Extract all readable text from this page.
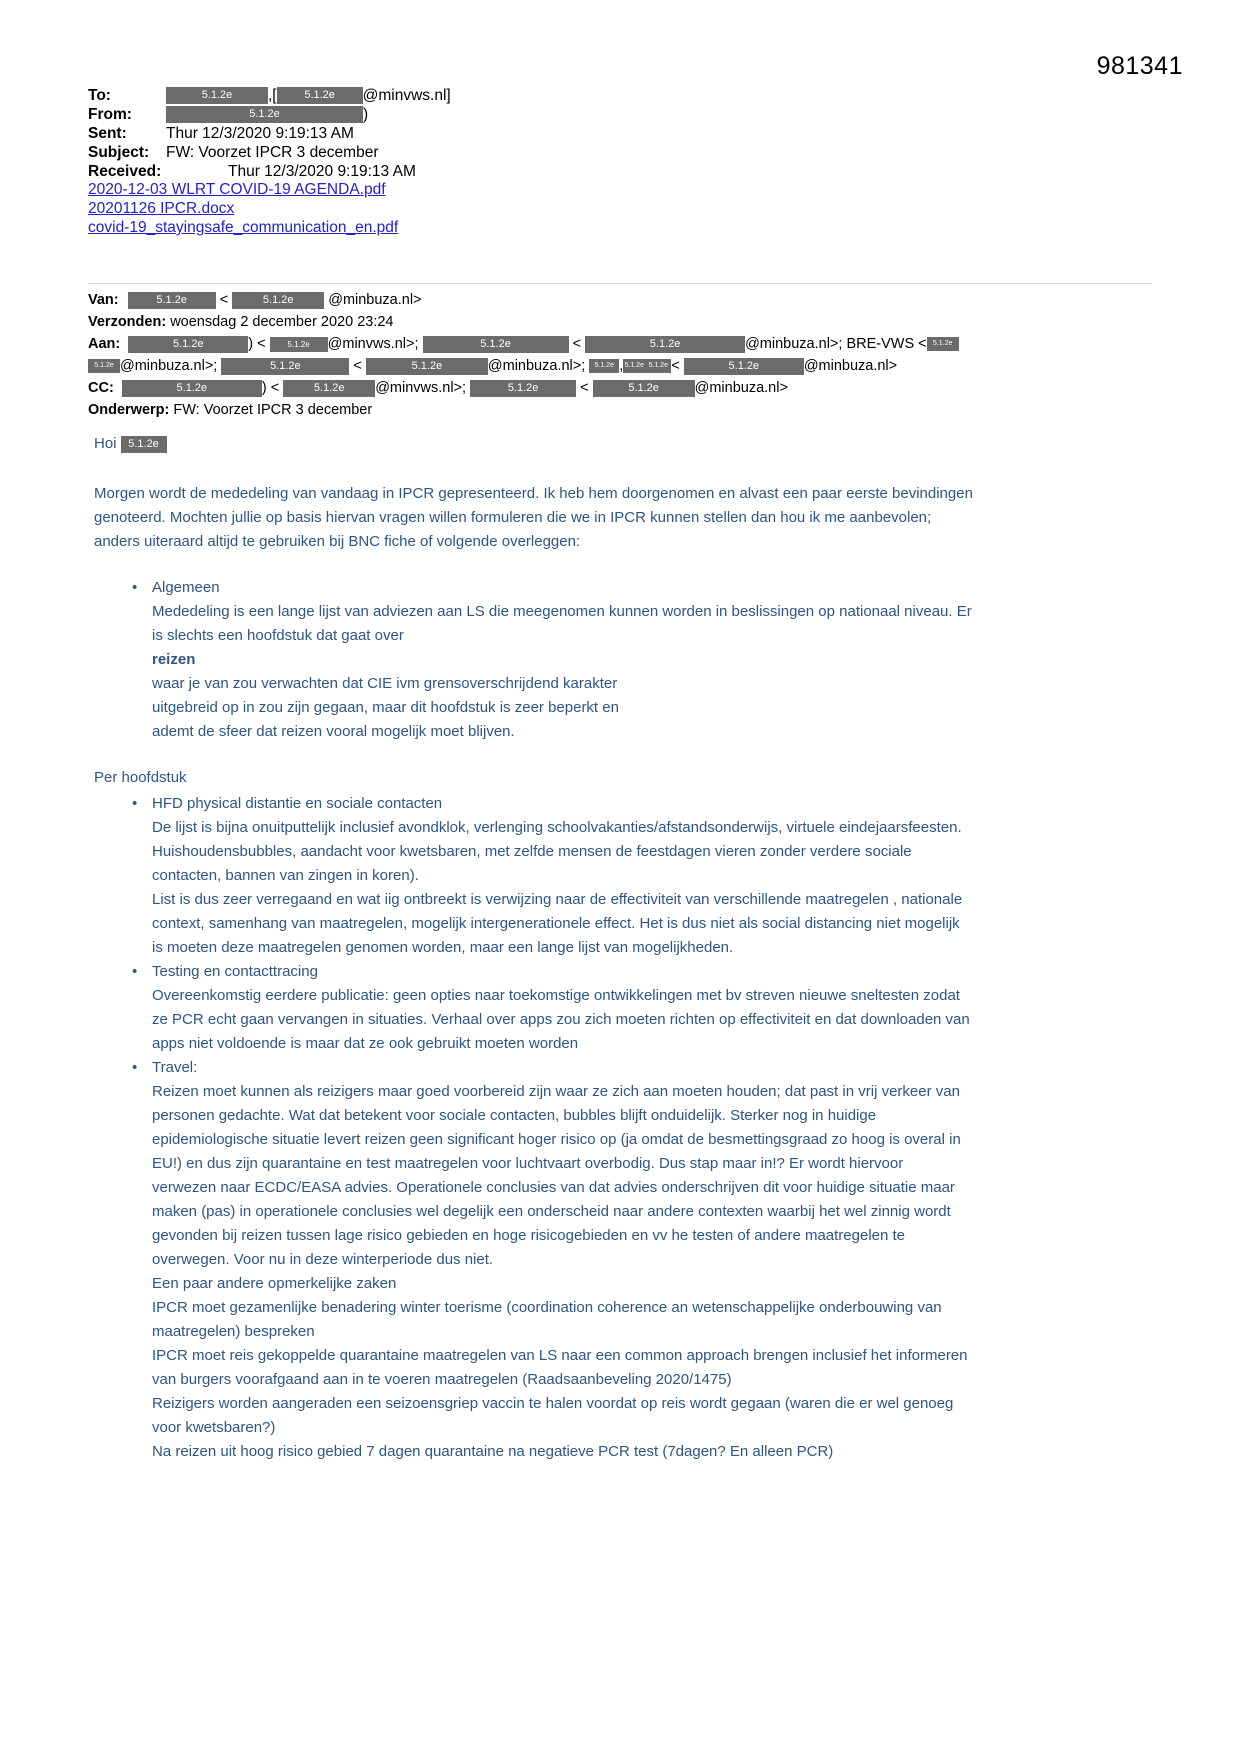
981341
To:	5.1.2e ,[	5.1.2e @minvws.nl]
From:	5.1.2e	)
Sent:	Thur 12/3/2020 9:19:13 AM
Subject:	FW: Voorzet IPCR 3 december
Received:	Thur 12/3/2020 9:19:13 AM
2020-12-03 WLRT COVID-19 AGENDA.pdf
20201126 IPCR.docx
covid-19_stayingsafe_communication_en.pdf

Van:	5.1.2e <	5.1.2e @minbuza.nl>

Verzonden: woensdag 2 december 2020 23:24

Aan:	5.1.2e	) <	5.1.2e @minvws.nl>;	5.1.2e	<	5.1.2e	@minbuza.nl>; BRE-VWS < 5.1.2e

5.1.2e @minbuza.nl>;	5.1.2e	<	5.1.2e	@minbuza.nl>; 5.1.2e ,5.1.2e 5.1.2e <	5.1.2e	@minbuza.nl>

CC:	5.1.2e	) <	5.1.2e @minvws.nl>;	5.1.2e	<	5.1.2e @minbuza.nl>

Onderwerp: FW: Voorzet IPCR 3 december

Hoi 5.1.2e

Morgen wordt de mededeling van vandaag in IPCR gepresenteerd. Ik heb hem doorgenomen en alvast een paar eerste bevindingen
genoteerd. Mochten jullie op basis hiervan vragen willen formuleren die we in IPCR kunnen stellen dan hou ik me aanbevolen;
anders uiteraard altijd te gebruiken bij BNC fiche of volgende overleggen:

• Algemeen
Mededeling is een lange lijst van adviezen aan LS die meegenomen kunnen worden in beslissingen op nationaal niveau. Er
is slechts een hoofdstuk dat gaat over
reizen
waar je van zou verwachten dat CIE ivm grensoverschrijdend karakter
uitgebreid op in zou zijn gegaan, maar dit hoofdstuk is zeer beperkt en
ademt de sfeer dat reizen vooral mogelijk moet blijven.

Per hoofdstuk

• HFD physical distantie en sociale contacten
De lijst is bijna onuitputtelijk inclusief avondklok, verlenging schoolvakanties/afstandsonderwijs, virtuele eindejaarsfeesten.
Huishoudensbubbles, aandacht voor kwetsbaren, met zelfde mensen de feestdagen vieren zonder verdere sociale
contacten, bannen van zingen in koren).
List is dus zeer verregaand en wat iig ontbreekt is verwijzing naar de effectiviteit van verschillende maatregelen , nationale
context, samenhang van maatregelen, mogelijk intergenerationele effect. Het is dus niet als social distancing niet mogelijk
is moeten deze maatregelen genomen worden, maar een lange lijst van mogelijkheden.
• Testing en contacttracing
Overeenkomstig eerdere publicatie: geen opties naar toekomstige ontwikkelingen met bv streven nieuwe sneltesten zodat
ze PCR echt gaan vervangen in situaties. Verhaal over apps zou zich moeten richten op effectiviteit en dat downloaden van
apps niet voldoende is maar dat ze ook gebruikt moeten worden
• Travel:
Reizen moet kunnen als reizigers maar goed voorbereid zijn waar ze zich aan moeten houden; dat past in vrij verkeer van
personen gedachte. Wat dat betekent voor sociale contacten, bubbles blijft onduidelijk. Sterker nog in huidige
epidemiologische situatie levert reizen geen significant hoger risico op (ja omdat de besmettingsgraad zo hoog is overal in
EU!) en dus zijn quarantaine en test maatregelen voor luchtvaart overbodig. Dus stap maar in!? Er wordt hiervoor
verwezen naar ECDC/EASA advies. Operationele conclusies van dat advies onderschrijven dit voor huidige situatie maar
maken (pas) in operationele conclusies wel degelijk een onderscheid naar andere contexten waarbij het wel zinnig wordt
gevonden bij reizen tussen lage risico gebieden en hoge risicogebieden en vv he testen of andere maatregelen te
overwegen. Voor nu in deze winterperiode dus niet.
Een paar andere opmerkelijke zaken
IPCR moet gezamenlijke benadering winter toerisme (coordination coherence an wetenschappelijke onderbouwing van
maatregelen) bespreken
IPCR moet reis gekoppelde quarantaine maatregelen van LS naar een common approach brengen inclusief het informeren
van burgers voorafgaand aan in te voeren maatregelen (Raadsaanbeveling 2020/1475)
Reizigers worden aangeraden een seizoensgriep vaccin te halen voordat op reis wordt gegaan (waren die er wel genoeg
voor kwetsbaren?)
Na reizen uit hoog risico gebied 7 dagen quarantaine na negatieve PCR test (7dagen? En alleen PCR)
